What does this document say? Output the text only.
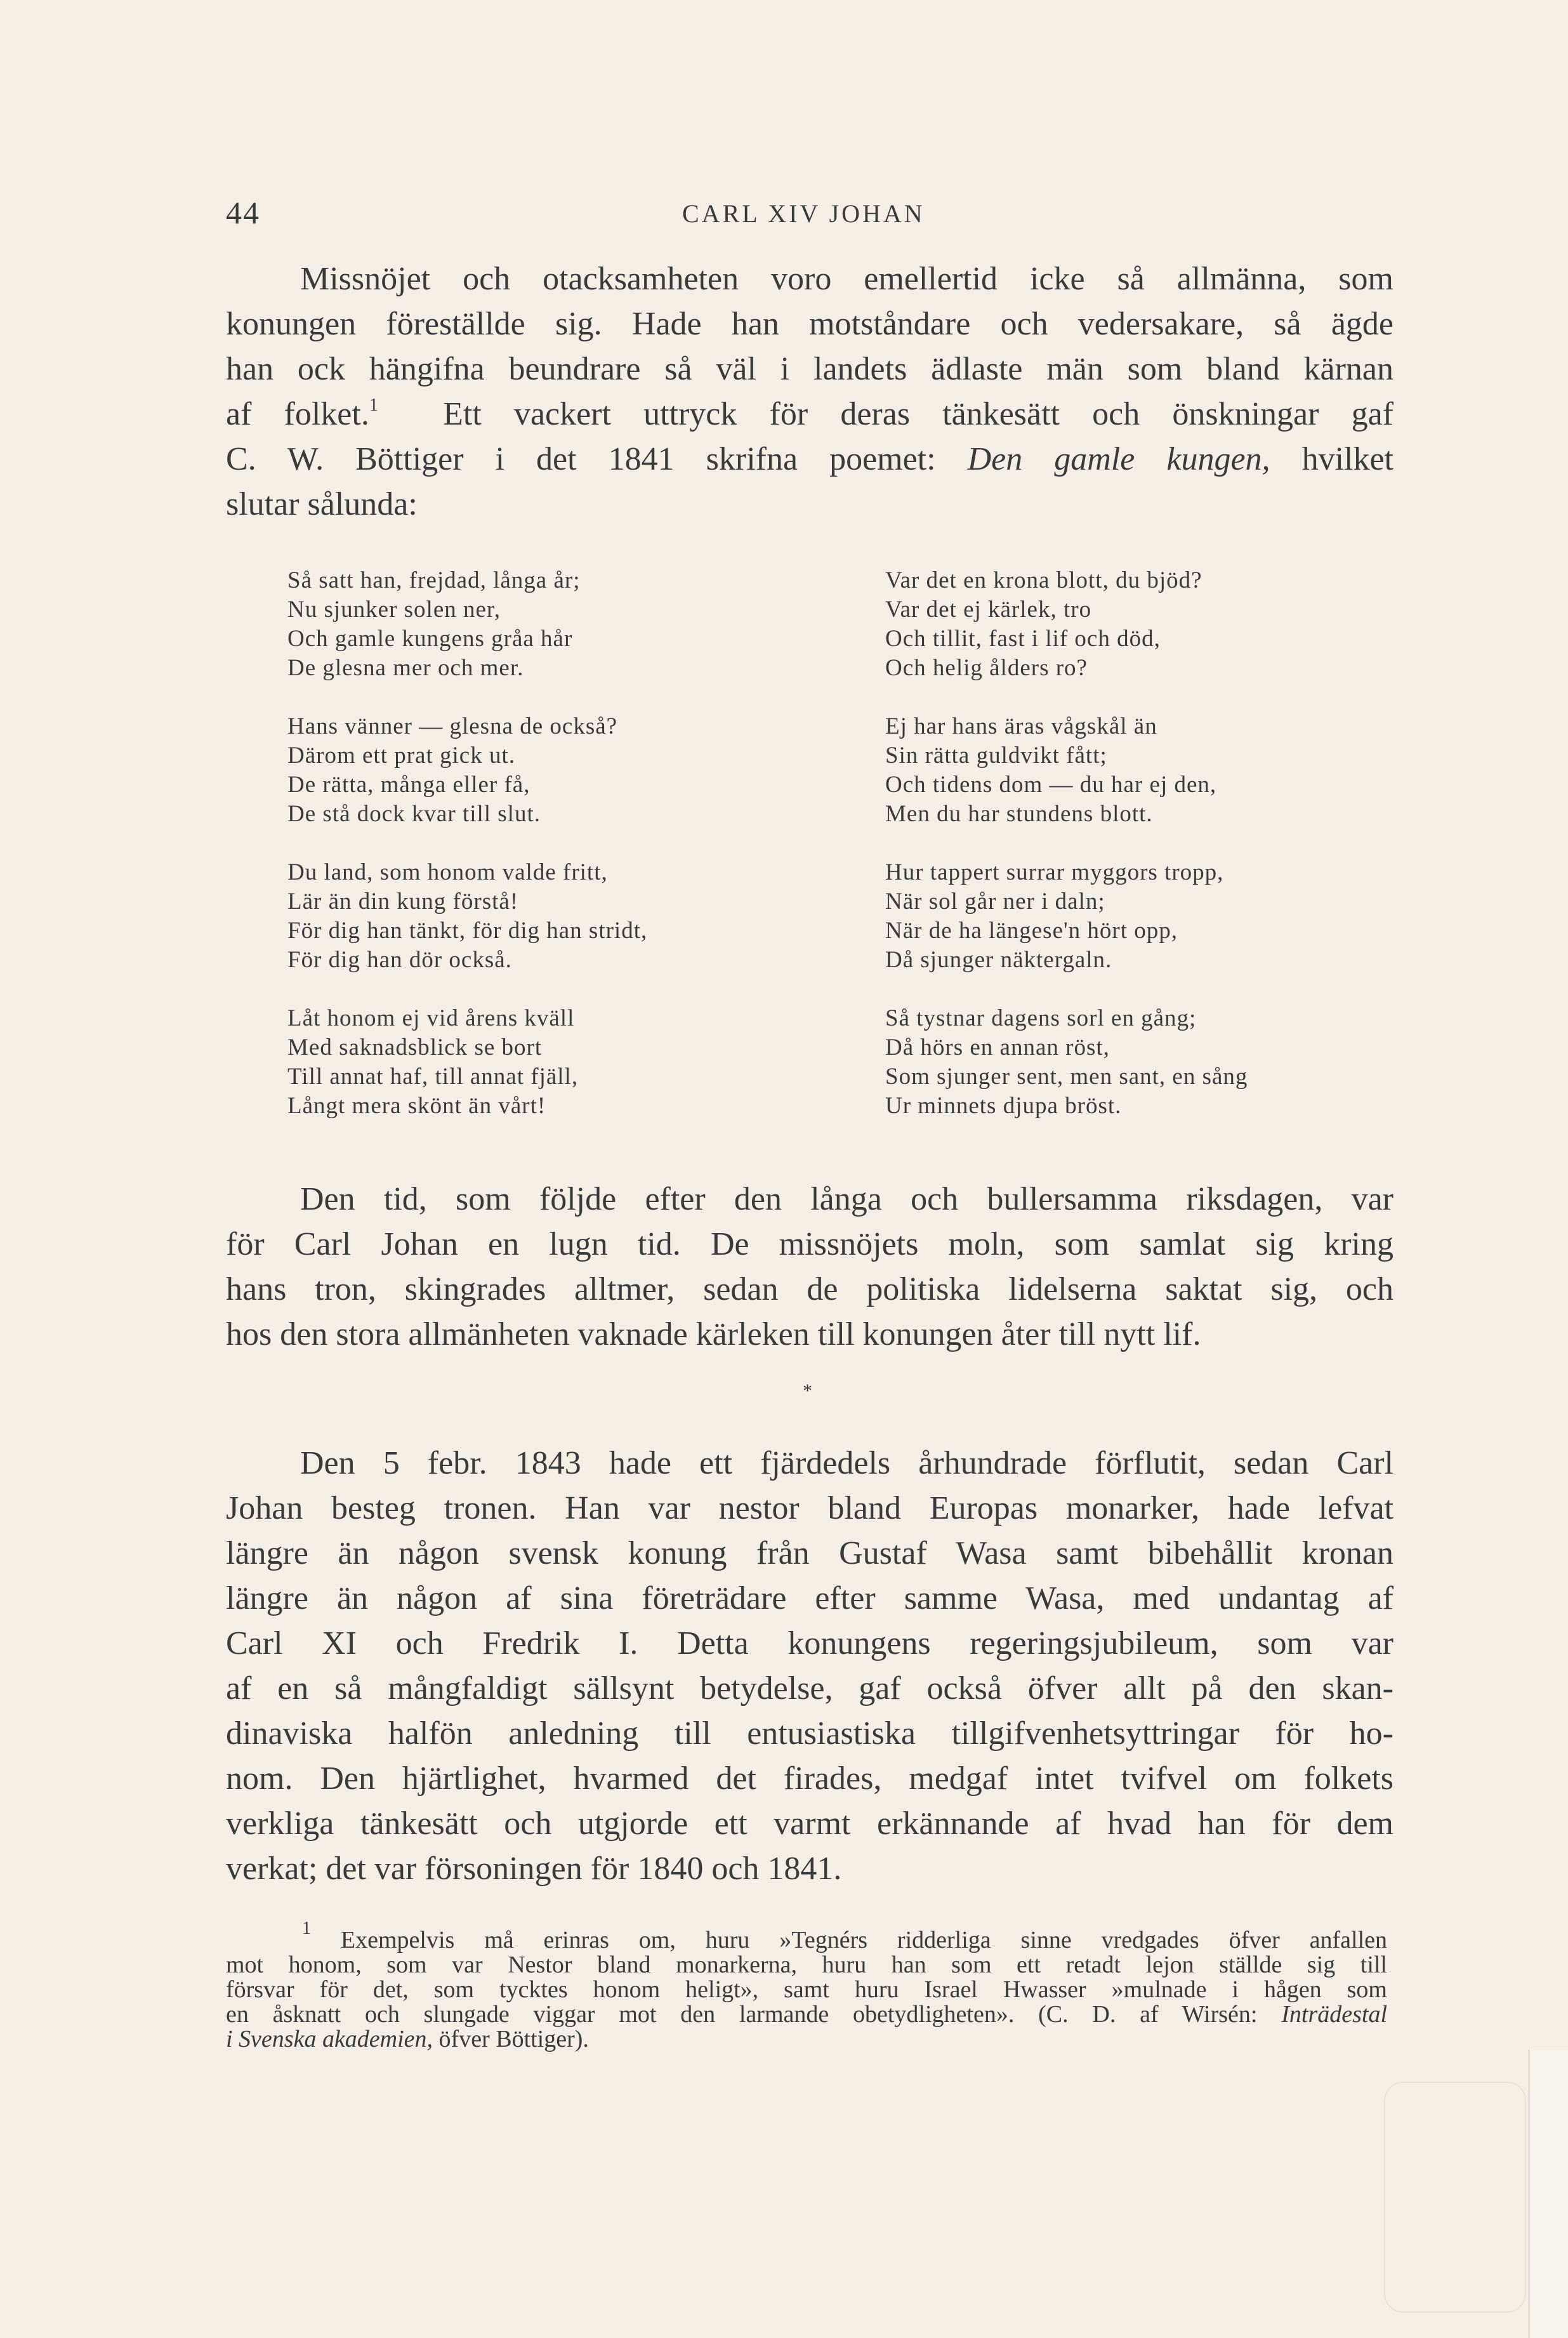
44	CARL XIV JOHAN
Missnöjet och otacksamheten voro emellertid icke så allmänna, som
konungen föreställde sig. Hade han motståndare och vedersakare, så ägde
han ock hängifna beundrare så väl i landets ädlaste män som bland kärnan
af folket.$^1$ Ett vackert uttryck för deras tänkesätt och önskningar gaf
C. W. Böttiger i det 1841 skrifna poemet: Den gamle kungen, hvilket
slutar sålunda:
Så satt han, frejdad, långa år;
Nu sjunker solen ner,
Och gamle kungens gråa hår
De glesna mer och mer.
Hans vänner — glesna de också?
Därom ett prat gick ut.
De rätta, många eller få,
De stå dock kvar till slut.
Du land, som honom valde fritt,
Lär än din kung förstå!
För dig han tänkt, för dig han stridt,
För dig han dör också.
Låt honom ej vid årens kväll
Med saknadsblick se bort
Till annat haf, till annat fjäll,
Långt mera skönt än vårt!
Var det en krona blott, du bjöd?
Var det ej kärlek, tro
Och tillit, fast i lif och död,
Och helig ålders ro?
Ej har hans äras vågskål än
Sin rätta guldvikt fått;
Och tidens dom — du har ej den,
Men du har stundens blott.
Hur tappert surrar myggors tropp,
När sol går ner i daln;
När de ha längese'n hört opp,
Då sjunger näktergaln.
Så tystnar dagens sorl en gång;
Då hörs en annan röst,
Som sjunger sent, men sant, en sång
Ur minnets djupa bröst.
Den tid, som följde efter den långa och bullersamma riksdagen, var
för Carl Johan en lugn tid. De missnöjets moln, som samlat sig kring
hans tron, skingrades alltmer, sedan de politiska lidelserna saktat sig, och
hos den stora allmänheten vaknade kärleken till konungen åter till nytt lif.
*
Den 5 febr. 1843 hade ett fjärdedels århundrade förflutit, sedan Carl
Johan besteg tronen. Han var nestor bland Europas monarker, hade lefvat
längre än någon svensk konung från Gustaf Wasa samt bibehållit kronan
längre än någon af sina företrädare efter samme Wasa, med undantag af
Carl XI och Fredrik I. Detta konungens regeringsjubileum, som var
af en så mångfaldigt sällsynt betydelse, gaf också öfver allt på den skan-
dinaviska halfön anledning till entusiastiska tillgifvenhetsyttringar för ho-
nom. Den hjärtlighet, hvarmed det firades, medgaf intet tvifvel om folkets
verkliga tänkesätt och utgjorde ett varmt erkännande af hvad han för dem
verkat; det var försoningen för 1840 och 1841.
$^1$ Exempelvis må erinras om, huru »Tegnérs ridderliga sinne vredgades öfver anfallen
mot honom, som var Nestor bland monarkerna, huru han som ett retadt lejon ställde sig till
försvar för det, som tycktes honom heligt», samt huru Israel Hwasser »mulnade i hågen som
en åsknatt och slungade viggar mot den larmande obetydligheten». (C. D. af Wirsén: Inträdestal
i Svenska akademien, öfver Böttiger).
